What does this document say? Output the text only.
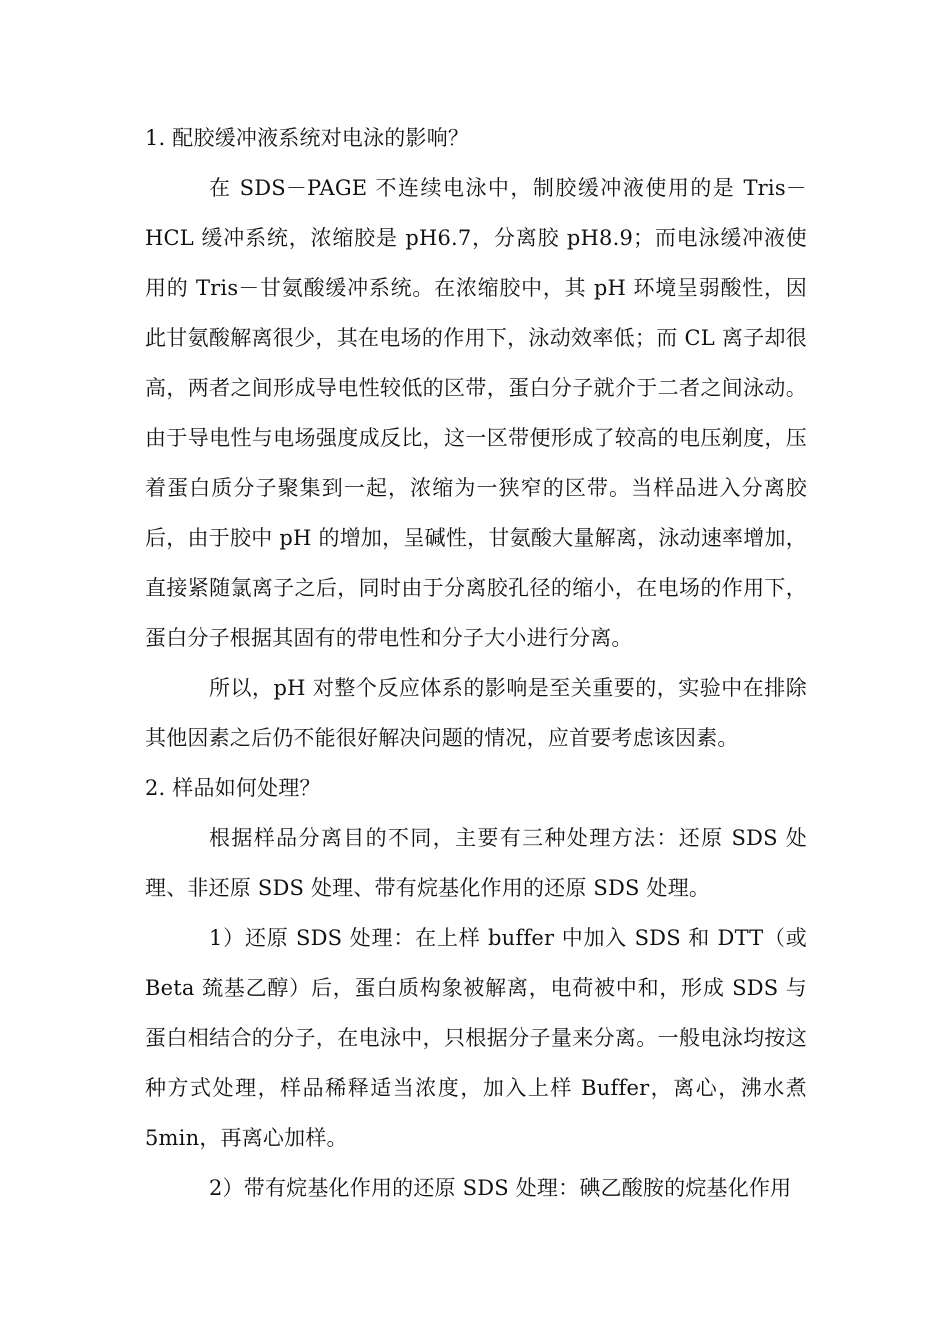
1. 配胶缓冲液系统对电泳的影响？

在 SDS－PAGE 不连续电泳中，制胶缓冲液使用的是 Tris－HCL 缓冲系统，浓缩胶是 pH6.7，分离胶 pH8.9；而电泳缓冲液使用的 Tris－甘氨酸缓冲系统。在浓缩胶中，其 pH 环境呈弱酸性，因此甘氨酸解离很少，其在电场的作用下，泳动效率低；而 CL 离子却很高，两者之间形成导电性较低的区带，蛋白分子就介于二者之间泳动。由于导电性与电场强度成反比，这一区带便形成了较高的电压剃度，压着蛋白质分子聚集到一起，浓缩为一狭窄的区带。当样品进入分离胶后，由于胶中 pH 的增加，呈碱性，甘氨酸大量解离，泳动速率增加，直接紧随氯离子之后，同时由于分离胶孔径的缩小，在电场的作用下，蛋白分子根据其固有的带电性和分子大小进行分离。

所以，pH 对整个反应体系的影响是至关重要的，实验中在排除其他因素之后仍不能很好解决问题的情况，应首要考虑该因素。

2. 样品如何处理？

根据样品分离目的不同，主要有三种处理方法：还原 SDS 处理、非还原 SDS 处理、带有烷基化作用的还原 SDS 处理。

1）还原 SDS 处理：在上样 buffer 中加入 SDS 和 DTT（或 Beta 巯基乙醇）后，蛋白质构象被解离，电荷被中和，形成 SDS 与蛋白相结合的分子，在电泳中，只根据分子量来分离。一般电泳均按这种方式处理，样品稀释适当浓度，加入上样 Buffer，离心，沸水煮 5min，再离心加样。

2）带有烷基化作用的还原 SDS 处理：碘乙酸胺的烷基化作用
